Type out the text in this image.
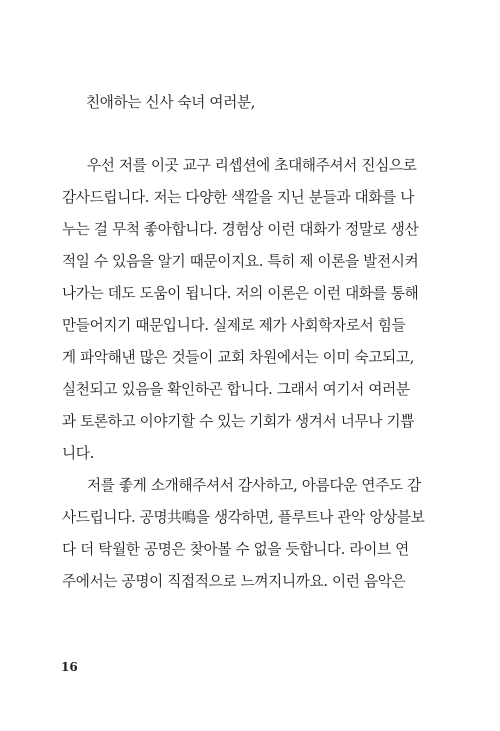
친애하는 신사 숙녀 여러분,
우선 저를 이곳 교구 리셉션에 초대해주셔서 진심으로
감사드립니다. 저는 다양한 색깔을 지닌 분들과 대화를 나
누는 걸 무척 좋아합니다. 경험상 이런 대화가 정말로 생산
적일 수 있음을 알기 때문이지요. 특히 제 이론을 발전시켜
나가는 데도 도움이 됩니다. 저의 이론은 이런 대화를 통해
만들어지기 때문입니다. 실제로 제가 사회학자로서 힘들
게 파악해낸 많은 것들이 교회 차원에서는 이미 숙고되고,
실천되고 있음을 확인하곤 합니다. 그래서 여기서 여러분
과 토론하고 이야기할 수 있는 기회가 생겨서 너무나 기쁩
니다.
저를 좋게 소개해주셔서 감사하고, 아름다운 연주도 감
사드립니다. 공명共鳴을 생각하면, 플루트나 관악 앙상블보
다 더 탁월한 공명은 찾아볼 수 없을 듯합니다. 라이브 연
주에서는 공명이 직접적으로 느껴지니까요. 이런 음악은
16
